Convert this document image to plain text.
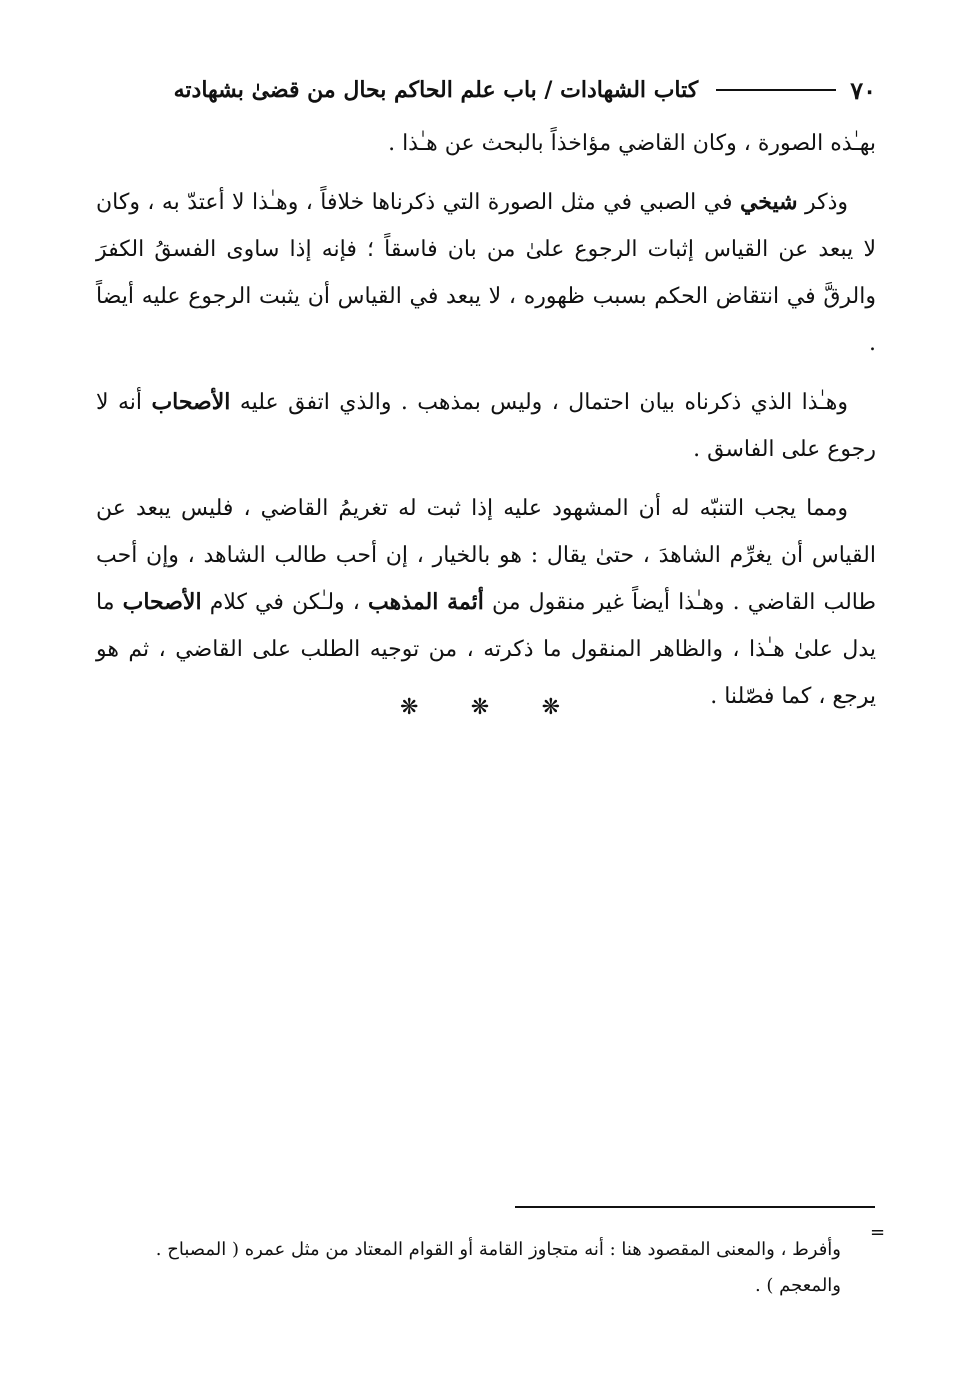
٧٠
كتاب الشهادات / باب علم الحاكم بحال من قضىٰ بشهادته

بهـٰذه الصورة ، وكان القاضي مؤاخذاً بالبحث عن هـٰذا .

وذكر شيخي في الصبي في مثل الصورة التي ذكرناها خلافاً ، وهـٰذا لا أعتدّ به ، وكان لا يبعد عن القياس إثبات الرجوع علىٰ من بان فاسقاً ؛ فإنه إذا ساوى الفسقُ الكفرَ والرقَّ في انتقاض الحكم بسبب ظهوره ، لا يبعد في القياس أن يثبت الرجوع عليه أيضاً .

وهـٰذا الذي ذكرناه بيان احتمال ، وليس بمذهب . والذي اتفق عليه الأصحاب أنه لا رجوع على الفاسق .

ومما يجب التنبّه له أن المشهود عليه إذا ثبت له تغريمُ القاضي ، فليس يبعد عن القياس أن يغرِّم الشاهدَ ، حتىٰ يقال : هو بالخيار ، إن أحب طالب الشاهد ، وإن أحب طالب القاضي . وهـٰذا أيضاً غير منقول من أئمة المذهب ، ولـٰكن في كلام الأصحاب ما يدل علىٰ هـٰذا ، والظاهر المنقول ما ذكرته ، من توجيه الطلب على القاضي ، ثم هو يرجع ، كما فصّلنا .

❋
❋
❋
=
وأفرط ، والمعنى المقصود هنا : أنه متجاوز القامة أو القوام المعتاد من مثل عمره ( المصباح . والمعجم ) .
